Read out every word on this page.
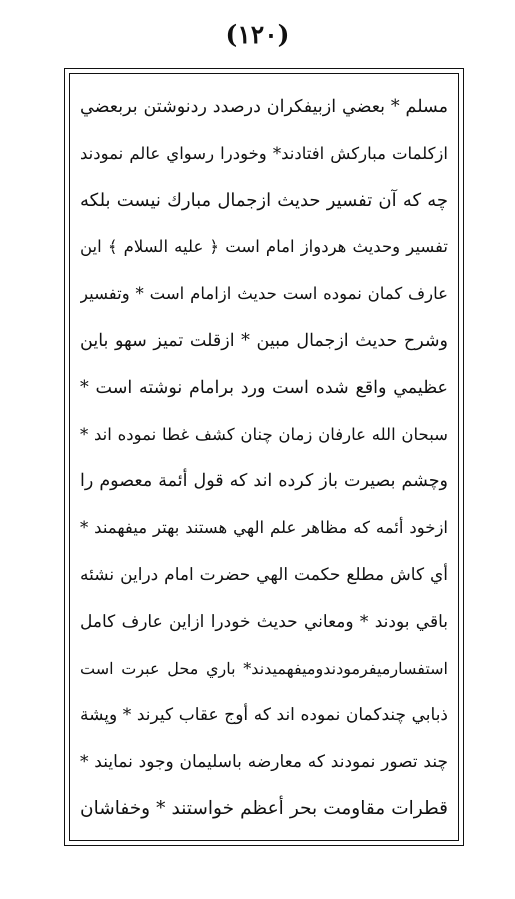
(۱۲۰)
مسلم * بعضي ازبيفكران درصدد ردنوشتن بربعضي
ازكلمات مباركش افتادند* وخودرا رسواي عالم نمودند
چه كه آن تفسير حديث ازجمال مبارك نيست بلكه
تفسير وحديث هردواز امام است ﴿ عليه السلام ﴾ اين
عارف كمان نموده است حديث ازامام است * وتفسير
وشرح حديث ازجمال مبين * ازقلت تميز سهو باين
عظيمي واقع شده است ورد برامام نوشته است *
سبحان الله عارفان زمان چنان كشف غطا نموده اند *
وچشم بصيرت باز كرده اند كه قول أئمة معصوم را
ازخود أئمه كه مظاهر علم الهي هستند بهتر ميفهمند *
أي كاش مطلع حكمت الهي حضرت امام دراين نشئه
باقي بودند * ومعاني حديث خودرا ازاين عارف كامل
استفسارميفرمودندوميفهميدند* باري محل عبرت است
ذبابي چندكمان نموده اند كه أوج عقاب كيرند * وپشة
چند تصور نمودند كه معارضه باسليمان وجود نمايند *
قطرات مقاومت بحر أعظم خواستند * وخفاشان
